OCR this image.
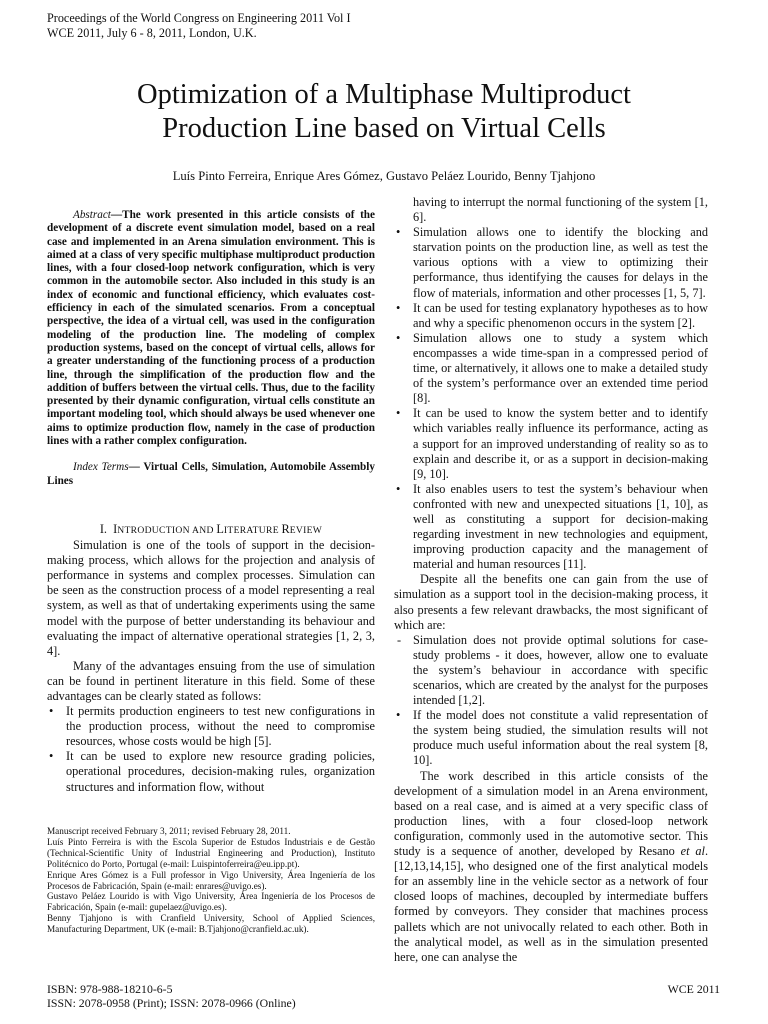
Proceedings of the World Congress on Engineering 2011 Vol I
WCE 2011, July 6 - 8, 2011, London, U.K.
Optimization of a Multiphase Multiproduct
Production Line based on Virtual Cells
Luís Pinto Ferreira, Enrique Ares Gómez, Gustavo Peláez Lourido, Benny Tjahjono

Abstract—The work presented in this article consists of the development of a discrete event simulation model, based on a real case and implemented in an Arena simulation environment. This is aimed at a class of very specific multiphase multiproduct production lines, with a four closed-loop network configuration, which is very common in the automobile sector. Also included in this study is an index of economic and functional efficiency, which evaluates cost-efficiency in each of the simulated scenarios. From a conceptual perspective, the idea of a virtual cell, was used in the configuration modeling of the production line. The modeling of complex production systems, based on the concept of virtual cells, allows for a greater understanding of the functioning process of a production line, through the simplification of the production flow and the addition of buffers between the virtual cells. Thus, due to the facility presented by their dynamic configuration, virtual cells constitute an important modeling tool, which should always be used whenever one aims to optimize production flow, namely in the case of production lines with a rather complex configuration.

Index Terms— Virtual Cells, Simulation, Automobile Assembly Lines

I. INTRODUCTION AND LITERATURE REVIEW

Simulation is one of the tools of support in the decision-making process, which allows for the projection and analysis of performance in systems and complex processes. Simulation can be seen as the construction process of a model representing a real system, as well as that of undertaking experiments using the same model with the purpose of better understanding its behaviour and evaluating the impact of alternative operational strategies [1, 2, 3, 4].

Many of the advantages ensuing from the use of simulation can be found in pertinent literature in this field. Some of these advantages can be clearly stated as follows:

• It permits production engineers to test new configurations in the production process, without the need to compromise resources, whose costs would be high [5].
• It can be used to explore new resource grading policies, operational procedures, decision-making rules, organization structures and information flow, without
Manuscript received February 3, 2011; revised February 28, 2011.
Luís Pinto Ferreira is with the Escola Superior de Estudos Industriais e de Gestão (Technical-Scientific Unity of Industrial Engineering and Production), Instituto Politécnico do Porto, Portugal (e-mail: Luispintoferreira@eu.ipp.pt).
Enrique Ares Gómez is a Full professor in Vigo University, Área Ingeniería de los Procesos de Fabricación, Spain (e-mail: enrares@uvigo.es).
Gustavo Peláez Lourido is with Vigo University, Área Ingeniería de los Procesos de Fabricación, Spain (e-mail: gupelaez@uvigo.es).
Benny Tjahjono is with Cranfield University, School of Applied Sciences, Manufacturing Department, UK (e-mail: B.Tjahjono@cranfield.ac.uk).
having to interrupt the normal functioning of the system [1, 6].
• Simulation allows one to identify the blocking and starvation points on the production line, as well as test the various options with a view to optimizing their performance, thus identifying the causes for delays in the flow of materials, information and other processes [1, 5, 7].
• It can be used for testing explanatory hypotheses as to how and why a specific phenomenon occurs in the system [2].
• Simulation allows one to study a system which encompasses a wide time-span in a compressed period of time, or alternatively, it allows one to make a detailed study of the system’s performance over an extended time period [8].
• It can be used to know the system better and to identify which variables really influence its performance, acting as a support for an improved understanding of reality so as to explain and describe it, or as a support in decision-making [9, 10].
• It also enables users to test the system’s behaviour when confronted with new and unexpected situations [1, 10], as well as constituting a support for decision-making regarding investment in new technologies and equipment, improving production capacity and the management of material and human resources [11].

Despite all the benefits one can gain from the use of simulation as a support tool in the decision-making process, it also presents a few relevant drawbacks, the most significant of which are:

- Simulation does not provide optimal solutions for case-study problems - it does, however, allow one to evaluate the system’s behaviour in accordance with specific scenarios, which are created by the analyst for the purposes intended [1,2].
• If the model does not constitute a valid representation of the system being studied, the simulation results will not produce much useful information about the real system [8, 10].

The work described in this article consists of the development of a simulation model in an Arena environment, based on a real case, and is aimed at a very specific class of production lines, with a four closed-loop network configuration, commonly used in the automotive sector. This study is a sequence of another, developed by Resano et al. [12,13,14,15], who designed one of the first analytical models for an assembly line in the vehicle sector as a network of four closed loops of machines, decoupled by intermediate buffers formed by conveyors. They consider that machines process pallets which are not univocally related to each other. Both in the analytical model, as well as in the simulation presented here, one can analyse the

ISBN: 978-988-18210-6-5
ISSN: 2078-0958 (Print); ISSN: 2078-0966 (Online)
WCE 2011
